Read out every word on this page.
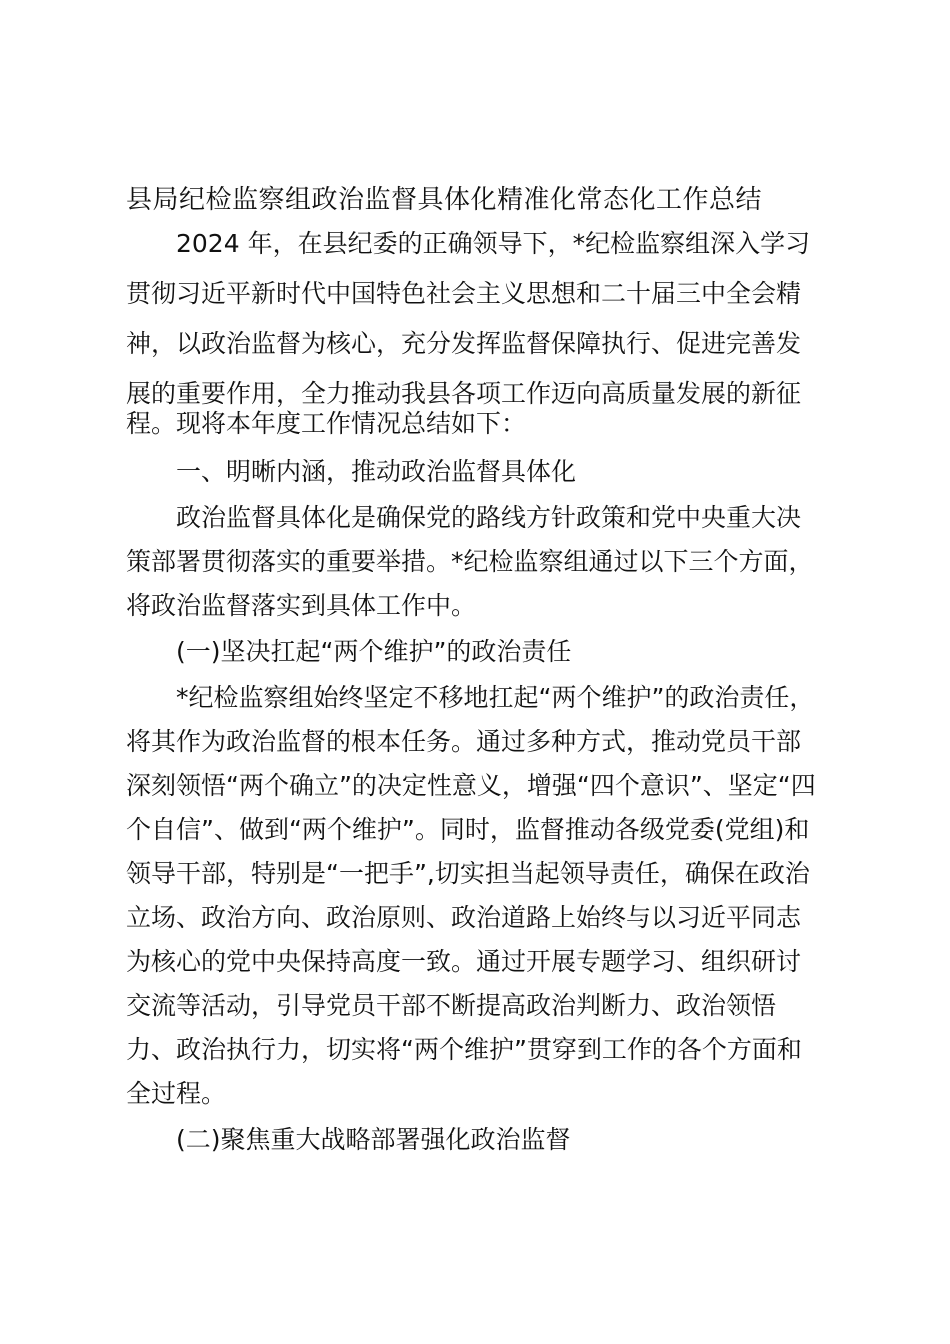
县局纪检监察组政治监督具体化精准化常态化工作总结
2024 年，在县纪委的正确领导下，*纪检监察组深入学习
贯彻习近平新时代中国特色社会主义思想和二十届三中全会精
神，以政治监督为核心，充分发挥监督保障执行、促进完善发
展的重要作用，全力推动我县各项工作迈向高质量发展的新征
程。现将本年度工作情况总结如下：
一、明晰内涵，推动政治监督具体化
政治监督具体化是确保党的路线方针政策和党中央重大决
策部署贯彻落实的重要举措。*纪检监察组通过以下三个方面，
将政治监督落实到具体工作中。
(一)坚决扛起“两个维护”的政治责任
*纪检监察组始终坚定不移地扛起“两个维护”的政治责任，
将其作为政治监督的根本任务。通过多种方式，推动党员干部
深刻领悟“两个确立”的决定性意义，增强“四个意识”、坚定“四
个自信”、做到“两个维护”。同时，监督推动各级党委(党组)和
领导干部，特别是“一把手”,切实担当起领导责任，确保在政治
立场、政治方向、政治原则、政治道路上始终与以习近平同志
为核心的党中央保持高度一致。通过开展专题学习、组织研讨
交流等活动，引导党员干部不断提高政治判断力、政治领悟
力、政治执行力，切实将“两个维护”贯穿到工作的各个方面和
全过程。
(二)聚焦重大战略部署强化政治监督
